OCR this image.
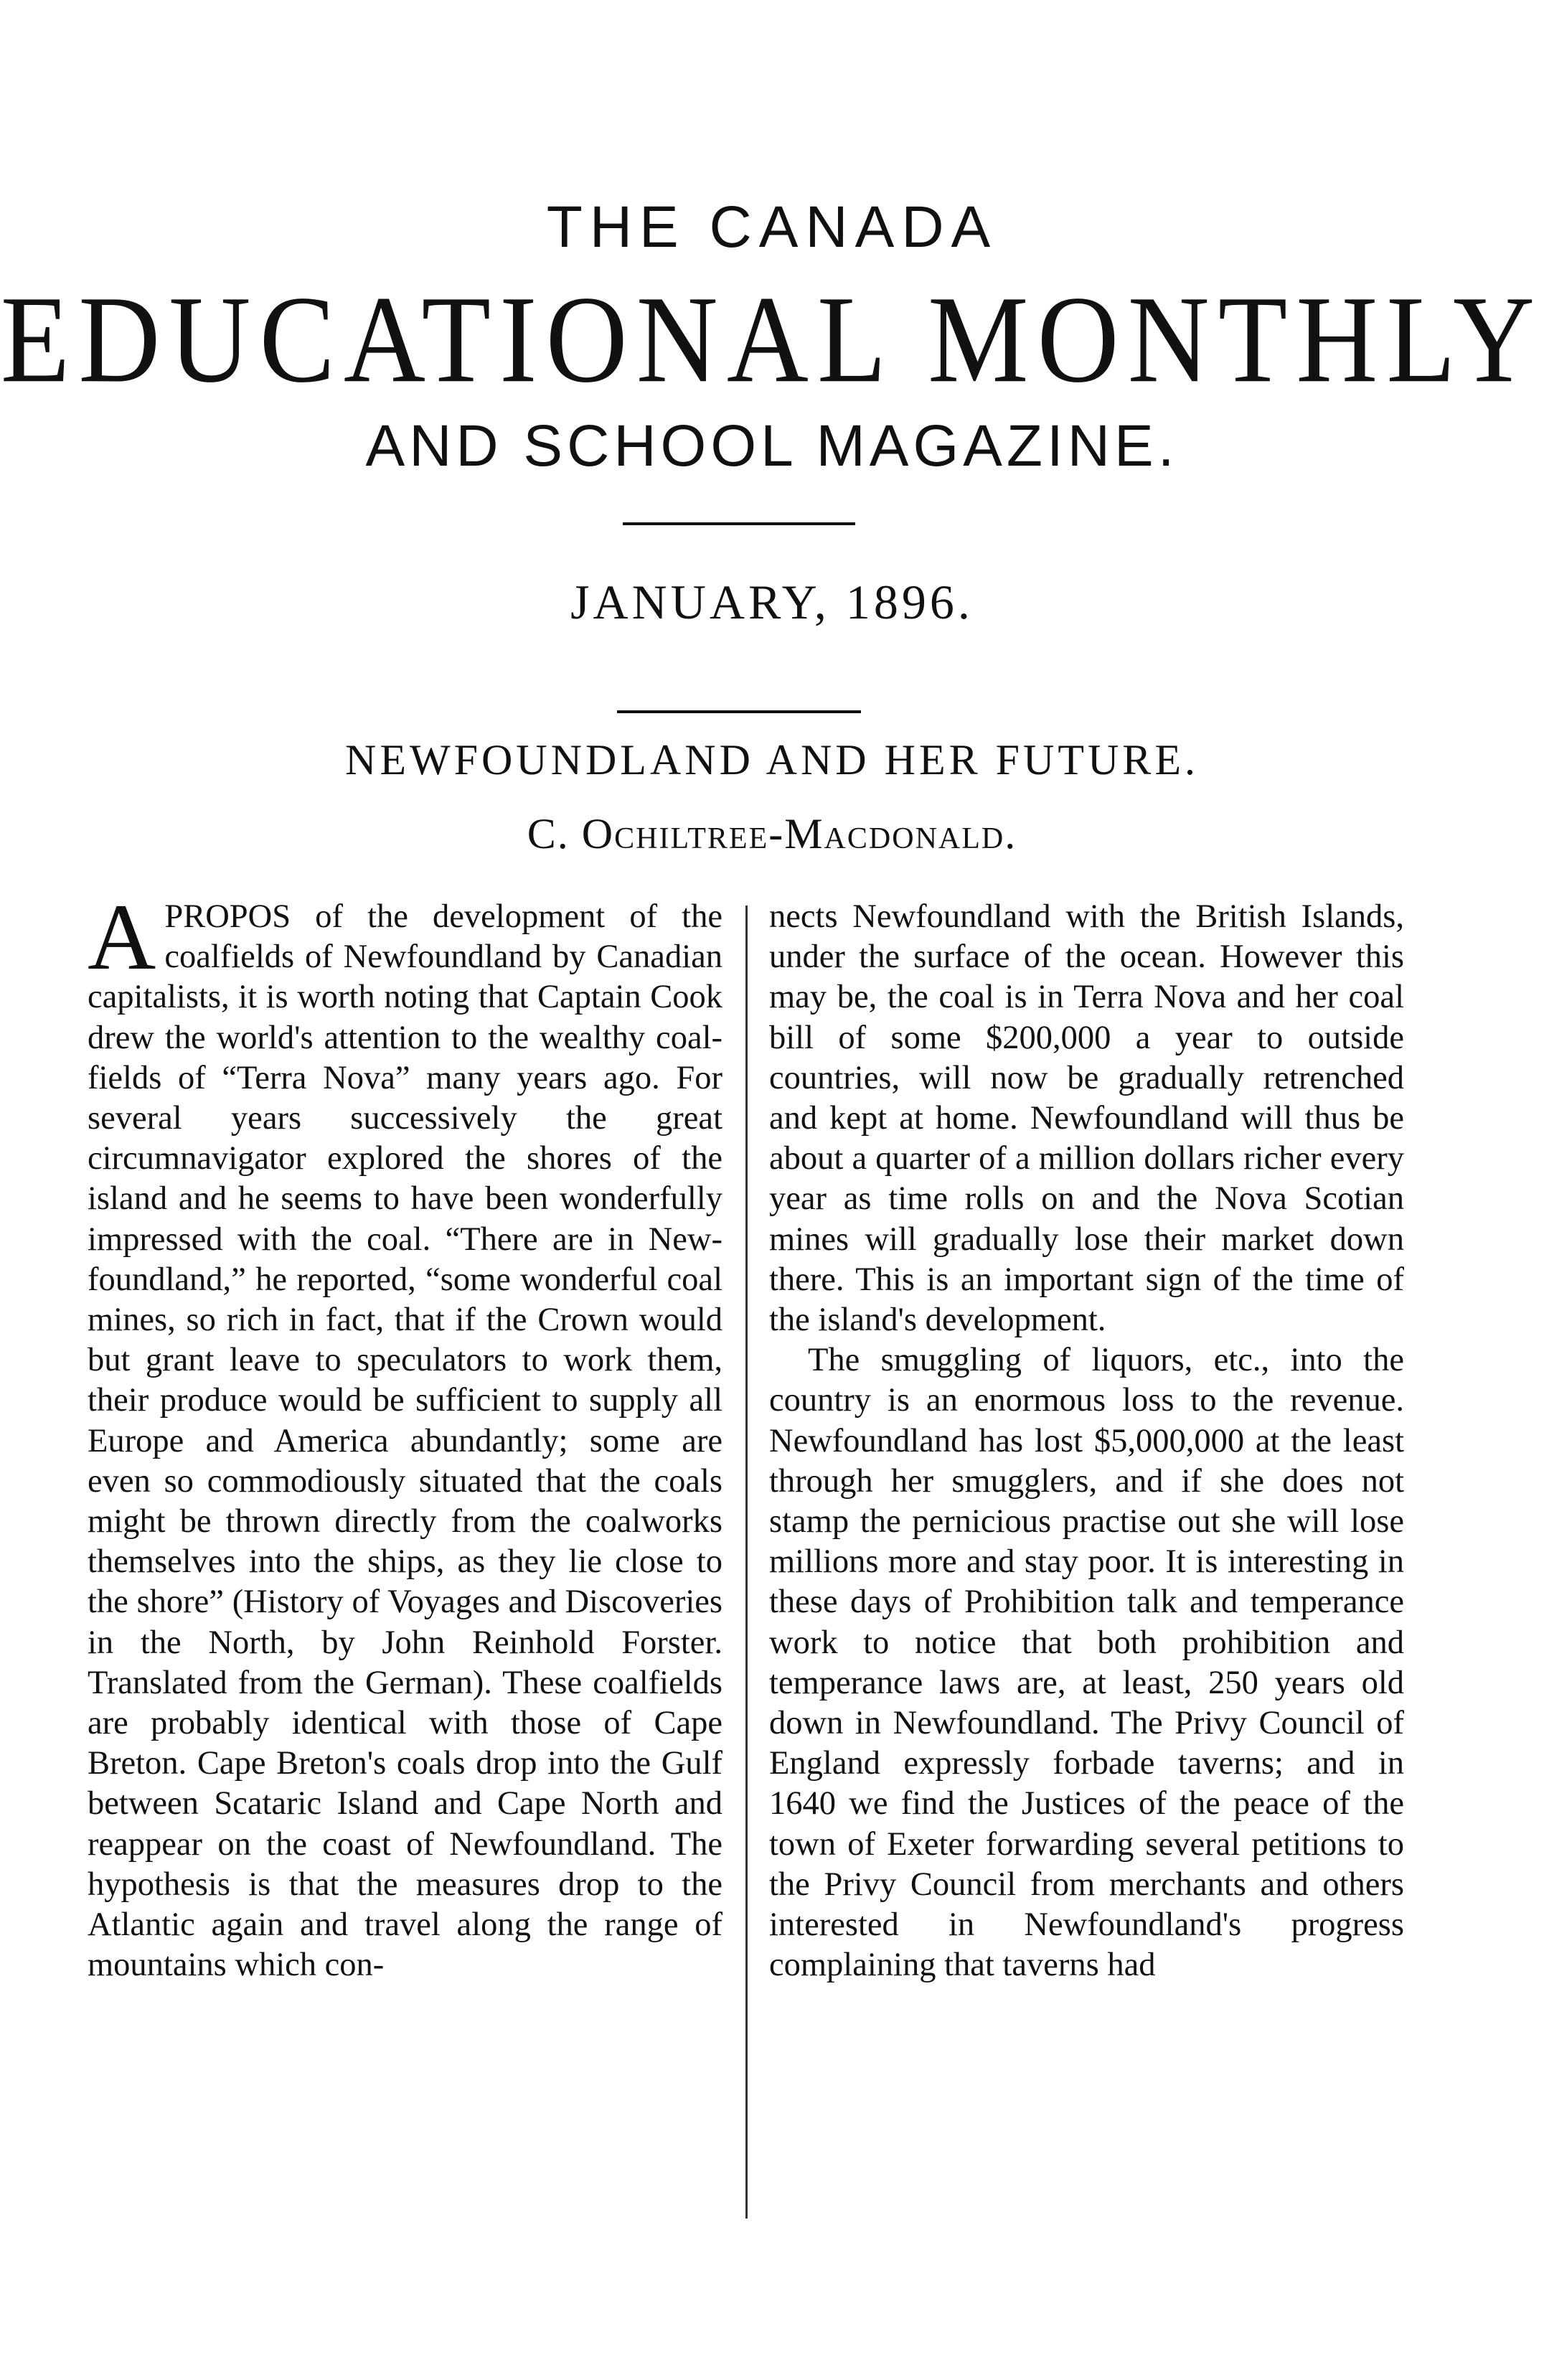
THE CANADA
EDUCATIONAL MONTHLY
AND SCHOOL MAGAZINE.
JANUARY, 1896.
NEWFOUNDLAND AND HER FUTURE.
C. Ochiltree-Macdonald.

A PROPOS of the development of the coalfields of Newfoundland by Canadian capitalists, it is worth noting that Captain Cook drew the world's attention to the wealthy coal-fields of “Terra Nova” many years ago. For several years successively the great circumnavigator explored the shores of the island and he seems to have been wonderfully impressed with the coal. “There are in New-foundland,” he reported, “some wonderful coal mines, so rich in fact, that if the Crown would but grant leave to speculators to work them, their produce would be sufficient to supply all Europe and America abundantly; some are even so commodiously situated that the coals might be thrown directly from the coalworks themselves into the ships, as they lie close to the shore” (History of Voyages and Discoveries in the North, by John Reinhold Forster. Translated from the German). These coalfields are probably identical with those of Cape Breton. Cape Breton's coals drop into the Gulf between Scataric Island and Cape North and reappear on the coast of Newfoundland. The hypothesis is that the measures drop to the Atlantic again and travel along the range of mountains which con-

nects Newfoundland with the British Islands, under the surface of the ocean. However this may be, the coal is in Terra Nova and her coal bill of some $200,000 a year to outside countries, will now be gradually retrenched and kept at home. Newfoundland will thus be about a quarter of a million dollars richer every year as time rolls on and the Nova Scotian mines will gradually lose their market down there. This is an important sign of the time of the island's development.

The smuggling of liquors, etc., into the country is an enormous loss to the revenue. Newfoundland has lost $5,000,000 at the least through her smugglers, and if she does not stamp the pernicious practise out she will lose millions more and stay poor. It is interesting in these days of Prohibition talk and temperance work to notice that both prohibition and temperance laws are, at least, 250 years old down in Newfoundland. The Privy Council of England expressly forbade taverns; and in 1640 we find the Justices of the peace of the town of Exeter forwarding several petitions to the Privy Council from merchants and others interested in Newfoundland's progress complaining that taverns had
